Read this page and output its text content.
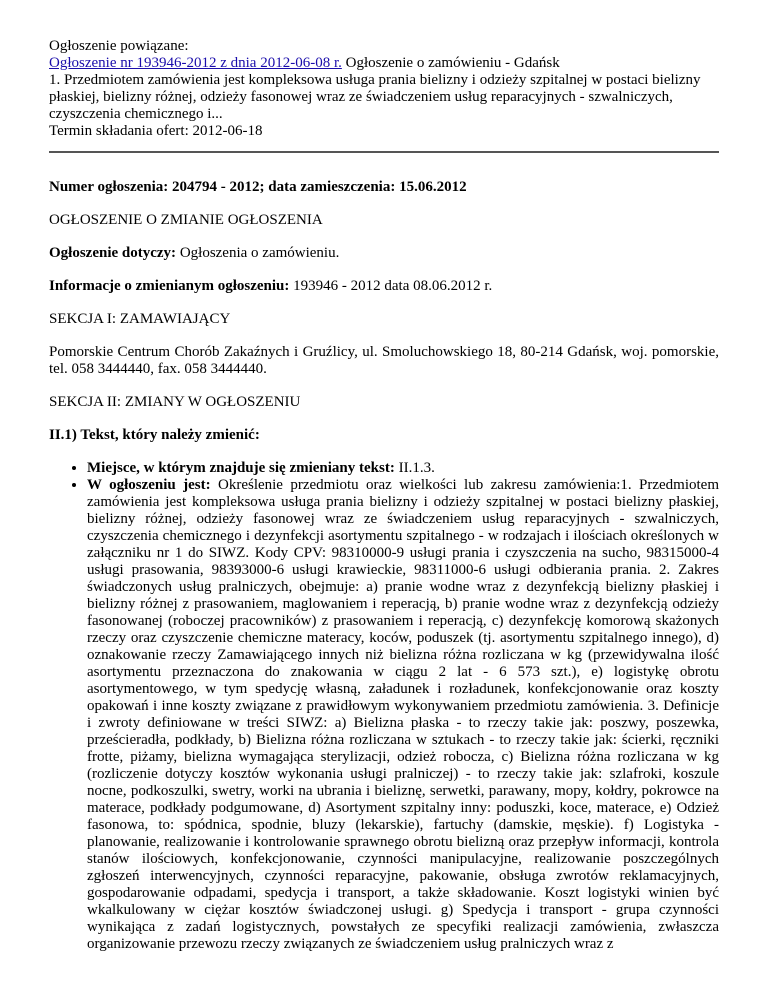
Ogłoszenie powiązane:
Ogłoszenie nr 193946-2012 z dnia 2012-06-08 r. Ogłoszenie o zamówieniu - Gdańsk
1. Przedmiotem zamówienia jest kompleksowa usługa prania bielizny i odzieży szpitalnej w postaci bielizny płaskiej, bielizny różnej, odzieży fasonowej wraz ze świadczeniem usług reparacyjnych - szwalniczych, czyszczenia chemicznego i...
Termin składania ofert: 2012-06-18

Numer ogłoszenia: 204794 - 2012; data zamieszczenia: 15.06.2012

OGŁOSZENIE O ZMIANIE OGŁOSZENIA

Ogłoszenie dotyczy: Ogłoszenia o zamówieniu.

Informacje o zmienianym ogłoszeniu: 193946 - 2012 data 08.06.2012 r.

SEKCJA I: ZAMAWIAJĄCY

Pomorskie Centrum Chorób Zakaźnych i Gruźlicy, ul. Smoluchowskiego 18, 80-214 Gdańsk, woj. pomorskie, tel. 058 3444440, fax. 058 3444440.

SEKCJA II: ZMIANY W OGŁOSZENIU

II.1) Tekst, który należy zmienić:

• Miejsce, w którym znajduje się zmieniany tekst: II.1.3.
• W ogłoszeniu jest: Określenie przedmiotu oraz wielkości lub zakresu zamówienia:1. Przedmiotem zamówienia jest kompleksowa usługa prania bielizny i odzieży szpitalnej w postaci bielizny płaskiej, bielizny różnej, odzieży fasonowej wraz ze świadczeniem usług reparacyjnych - szwalniczych, czyszczenia chemicznego i dezynfekcji asortymentu szpitalnego - w rodzajach i ilościach określonych w załączniku nr 1 do SIWZ. Kody CPV: 98310000-9 usługi prania i czyszczenia na sucho, 98315000-4 usługi prasowania, 98393000-6 usługi krawieckie, 98311000-6 usługi odbierania prania. 2. Zakres świadczonych usług pralniczych, obejmuje: a) pranie wodne wraz z dezynfekcją bielizny płaskiej i bielizny różnej z prasowaniem, maglowaniem i reperacją, b) pranie wodne wraz z dezynfekcją odzieży fasonowanej (roboczej pracowników) z prasowaniem i reperacją, c) dezynfekcję komorową skażonych rzeczy oraz czyszczenie chemiczne materacy, koców, poduszek (tj. asortymentu szpitalnego innego), d) oznakowanie rzeczy Zamawiającego innych niż bielizna różna rozliczana w kg (przewidywalna ilość asortymentu przeznaczona do znakowania w ciągu 2 lat - 6 573 szt.), e) logistykę obrotu asortymentowego, w tym spedycję własną, załadunek i rozładunek, konfekcjonowanie oraz koszty opakowań i inne koszty związane z prawidłowym wykonywaniem przedmiotu zamówienia. 3. Definicje i zwroty definiowane w treści SIWZ: a) Bielizna płaska - to rzeczy takie jak: poszwy, poszewka, prześcieradła, podkłady, b) Bielizna różna rozliczana w sztukach - to rzeczy takie jak: ścierki, ręczniki frotte, piżamy, bielizna wymagająca sterylizacji, odzież robocza, c) Bielizna różna rozliczana w kg (rozliczenie dotyczy kosztów wykonania usługi pralniczej) - to rzeczy takie jak: szlafroki, koszule nocne, podkoszulki, swetry, worki na ubrania i bieliznę, serwetki, parawany, mopy, kołdry, pokrowce na materace, podkłady podgumowane, d) Asortyment szpitalny inny: poduszki, koce, materace, e) Odzież fasonowa, to: spódnica, spodnie, bluzy (lekarskie), fartuchy (damskie, męskie). f) Logistyka - planowanie, realizowanie i kontrolowanie sprawnego obrotu bielizną oraz przepływ informacji, kontrola stanów ilościowych, konfekcjonowanie, czynności manipulacyjne, realizowanie poszczególnych zgłoszeń interwencyjnych, czynności reparacyjne, pakowanie, obsługa zwrotów reklamacyjnych, gospodarowanie odpadami, spedycja i transport, a także składowanie. Koszt logistyki winien być wkalkulowany w ciężar kosztów świadczonej usługi. g) Spedycja i transport - grupa czynności wynikająca z zadań logistycznych, powstałych ze specyfiki realizacji zamówienia, zwłaszcza organizowanie przewozu rzeczy związanych ze świadczeniem usług pralniczych wraz z
